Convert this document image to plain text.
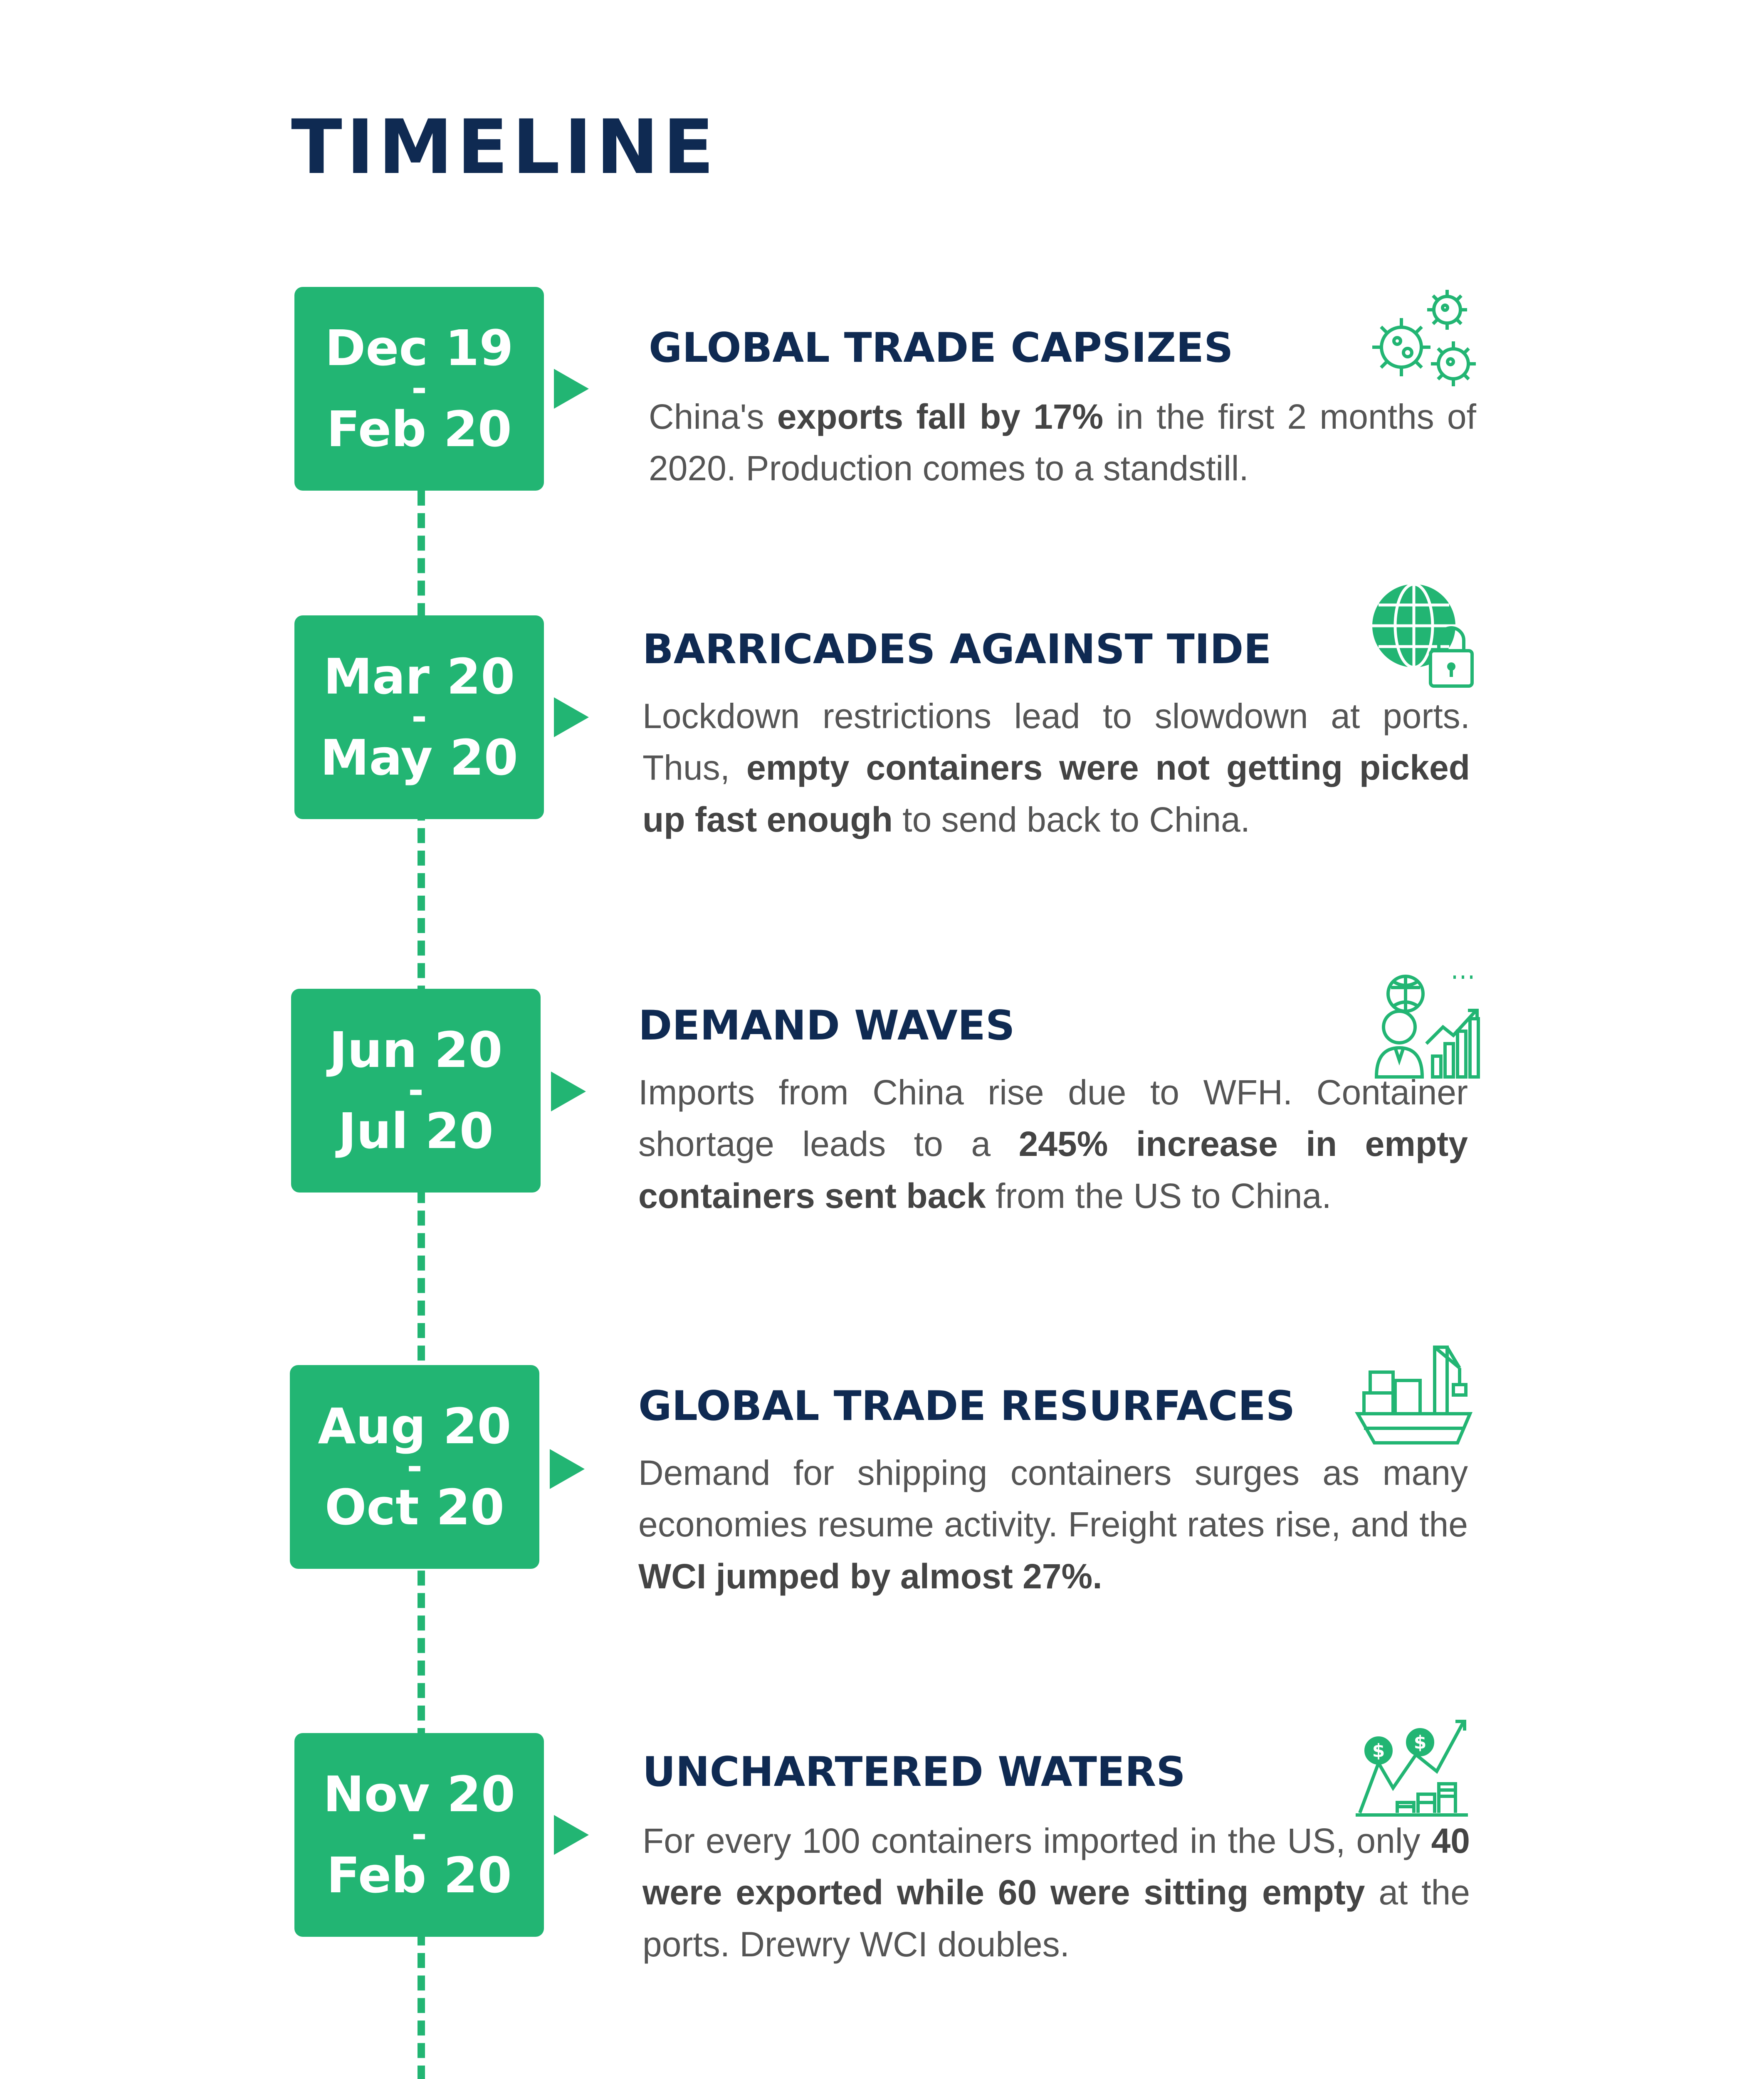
TIMELINE
Dec 19
-
Feb 20
GLOBAL TRADE CAPSIZES

China's exports fall by 17% in the first 2 months of 2020. Production comes to a standstill.

Mar 20
-
May 20
BARRICADES AGAINST TIDE

Lockdown restrictions lead to slowdown at ports. Thus, empty containers were not getting picked up fast enough to send back to China.

Jun 20
-
Jul 20
DEMAND WAVES

Imports from China rise due to WFH. Container shortage leads to a 245% increase in empty containers sent back from the US to China.

Aug 20
-
Oct 20
GLOBAL TRADE RESURFACES

Demand for shipping containers surges as many economies resume activity. Freight rates rise, and the WCI jumped by almost 27%.

Nov 20
-
Feb 20
UNCHARTERED WATERS

For every 100 containers imported in the US, only 40 were exported while 60 were sitting empty at the ports. Drewry WCI doubles.

$ $
